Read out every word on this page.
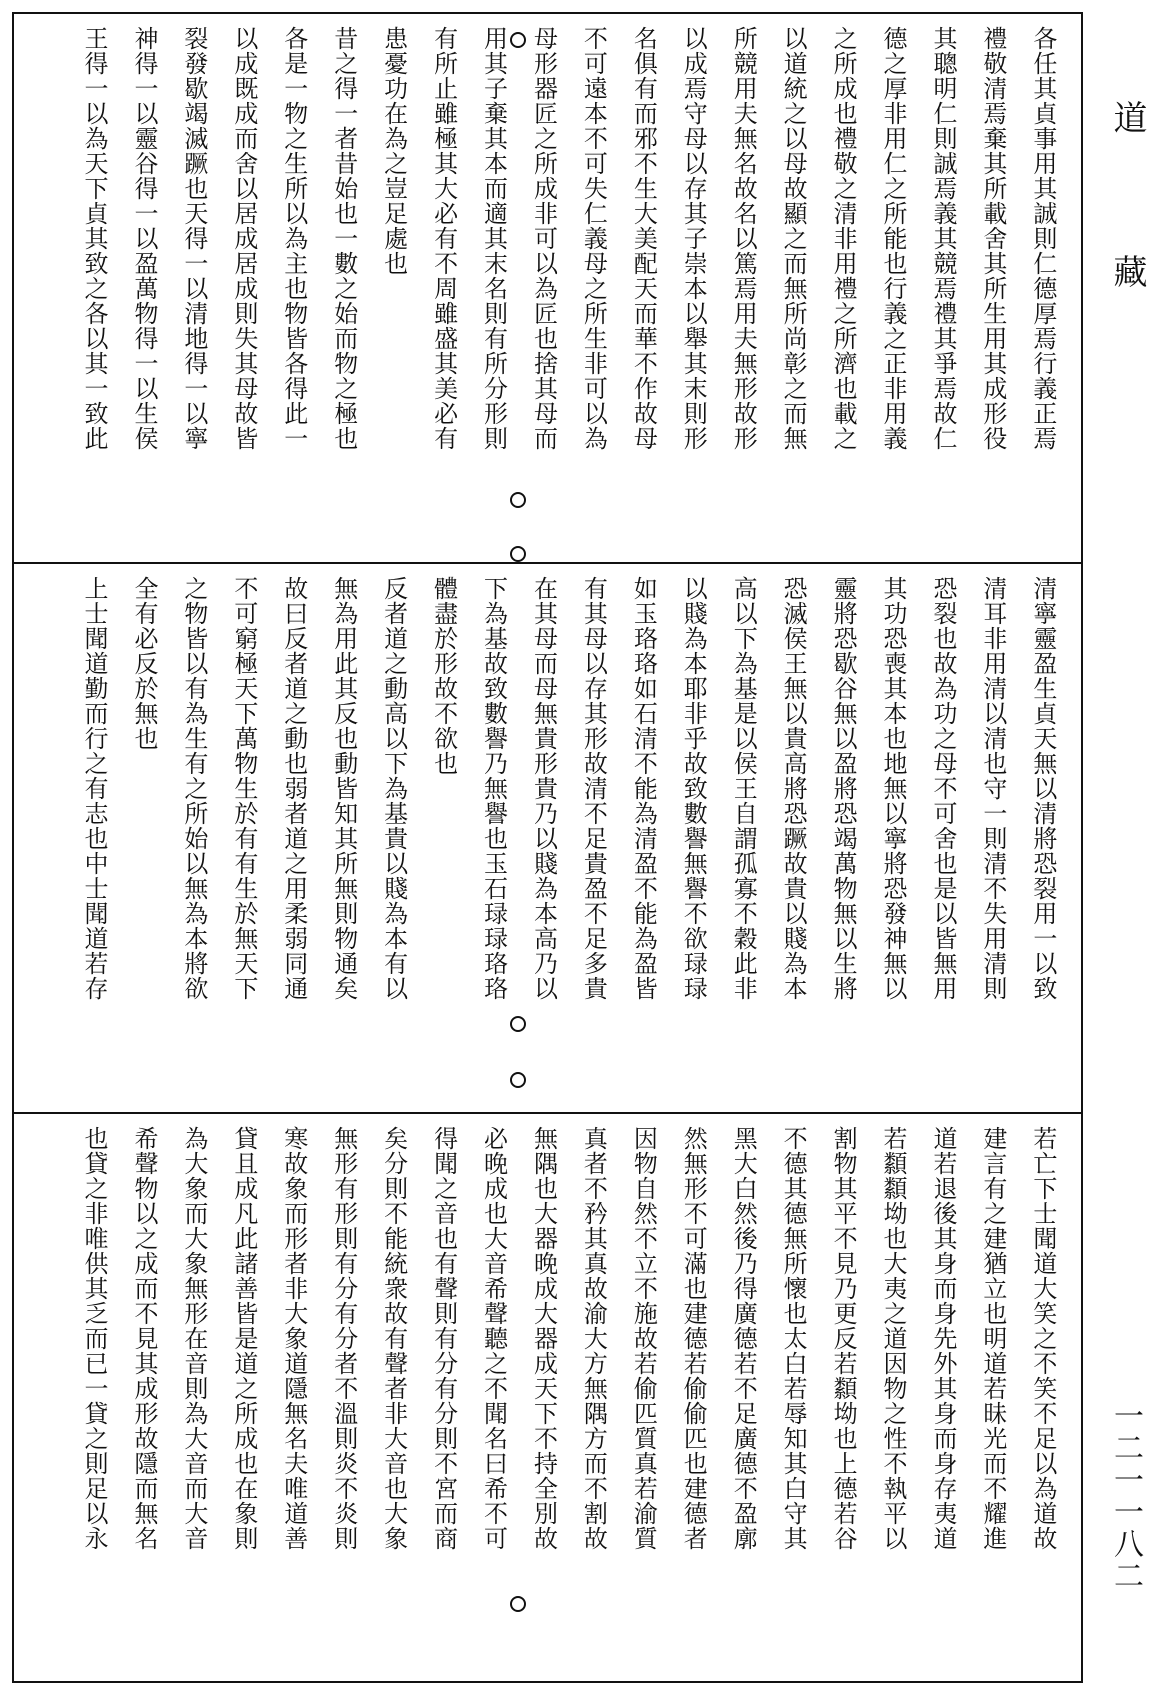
道藏
一二一一八二
各任其貞事用其誠則仁德厚焉行義正焉
禮敬清焉棄其所載舍其所生用其成形役
其聰明仁則誠焉義其競焉禮其爭焉故仁
德之厚非用仁之所能也行義之正非用義
之所成也禮敬之清非用禮之所濟也載之
以道統之以母故顯之而無所尚彰之而無
所競用夫無名故名以篤焉用夫無形故形
以成焉守母以存其子崇本以舉其末則形
名俱有而邪不生大美配天而華不作故母
不可遠本不可失仁義母之所生非可以為
母形器匠之所成非可以為匠也捨其母而
用其子棄其本而適其末名則有所分形則
有所止雖極其大必有不周雖盛其美必有
患憂功在為之豈足處也
昔之得一者昔始也一數之始而物之極也
各是一物之生所以為主也物皆各得此一
以成既成而舍以居成居成則失其母故皆
裂發歇竭滅蹶也天得一以清地得一以寧
神得一以靈谷得一以盈萬物得一以生侯
王得一以為天下貞其致之各以其一致此
清寧靈盈生貞天無以清將恐裂用一以致
清耳非用清以清也守一則清不失用清則
恐裂也故為功之母不可舍也是以皆無用
其功恐喪其本也地無以寧將恐發神無以
靈將恐歇谷無以盈將恐竭萬物無以生將
恐滅侯王無以貴高將恐蹶故貴以賤為本
高以下為基是以侯王自謂孤寡不穀此非
以賤為本耶非乎故致數譽無譽不欲琭琭
如玉珞珞如石清不能為清盈不能為盈皆
有其母以存其形故清不足貴盈不足多貴
在其母而母無貴形貴乃以賤為本高乃以
下為基故致數譽乃無譽也玉石琭琭珞珞
體盡於形故不欲也
反者道之動高以下為基貴以賤為本有以
無為用此其反也動皆知其所無則物通矣
故曰反者道之動也弱者道之用柔弱同通
不可窮極天下萬物生於有有生於無天下
之物皆以有為生有之所始以無為本將欲
全有必反於無也
上士聞道勤而行之有志也中士聞道若存
若亡下士聞道大笑之不笑不足以為道故
建言有之建猶立也明道若昧光而不耀進
道若退後其身而身先外其身而身存夷道
若纇纇坳也大夷之道因物之性不執平以
割物其平不見乃更反若纇坳也上德若谷
不德其德無所懷也太白若辱知其白守其
黑大白然後乃得廣德若不足廣德不盈廓
然無形不可滿也建德若偷偷匹也建德者
因物自然不立不施故若偷匹質真若渝質
真者不矜其真故渝大方無隅方而不割故
無隅也大器晚成大器成天下不持全別故
必晚成也大音希聲聽之不聞名曰希不可
得聞之音也有聲則有分有分則不宮而商
矣分則不能統衆故有聲者非大音也大象
無形有形則有分有分者不溫則炎不炎則
寒故象而形者非大象道隱無名夫唯道善
貸且成凡此諸善皆是道之所成也在象則
為大象而大象無形在音則為大音而大音
希聲物以之成而不見其成形故隱而無名
也貸之非唯供其乏而已一貸之則足以永
